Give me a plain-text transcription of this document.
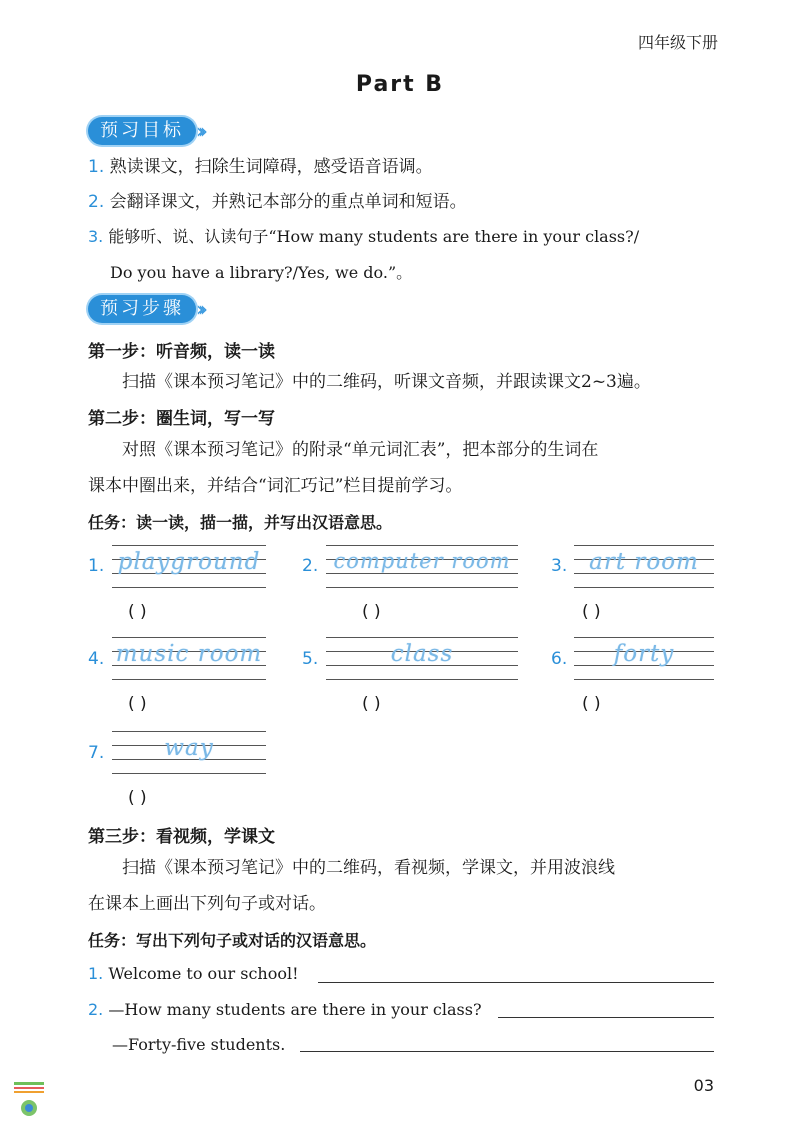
四年级下册
Part B
预习目标 ›››
1. 熟读课文，扫除生词障碍，感受语音语调。
2. 会翻译课文，并熟记本部分的重点单词和短语。
3. 能够听、说、认读句子“How many students are there in your class?/
Do you have a library?/Yes, we do.”。
预习步骤 ›››
第一步：听音频，读一读
扫描《课本预习笔记》中的二维码，听课文音频，并跟读课文2~3遍。
第二步：圈生词，写一写
对照《课本预习笔记》的附录“单元词汇表”，把本部分的生词在
课本中圈出来，并结合“词汇巧记”栏目提前学习。
任务：读一读，描一描，并写出汉语意思。
1. playground
( )
2. computer room
( )
3. art room
( )
4. music room
( )
5.	class
( )
6.	forty
( )
7.	way
( )
第三步：看视频，学课文
扫描《课本预习笔记》中的二维码，看视频，学课文，并用波浪线
在课本上画出下列句子或对话。
任务：写出下列句子或对话的汉语意思。
1. Welcome to our school!
2. —How many students are there in your class?
—Forty-five students.
03
